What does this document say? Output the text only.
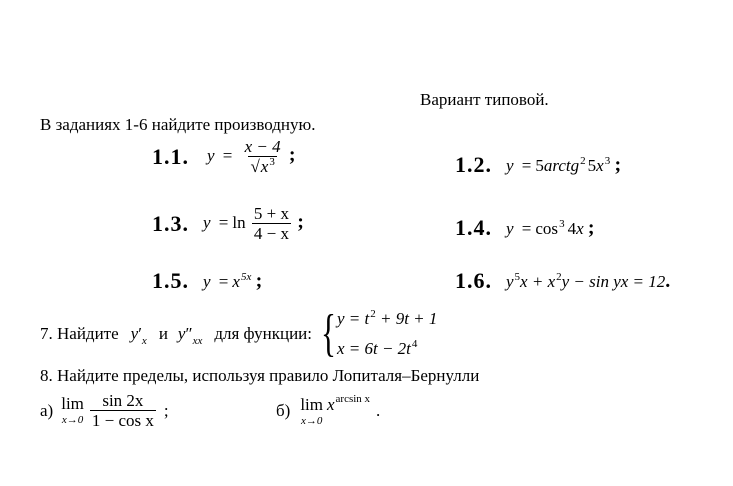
Вариант типовой.
В заданиях 1-6 найдите производную.
1.1. $y = \frac{x - 4}{√x^3}$ ;	1.2. y = 5arctg$^2$ $5x^3$ ;
1.3. $y = \ln \frac{5 + x}{4 - x}$ ;	1.4. $y = \cos^3 4x$ ;
1.5. $y = x^{5x}$ ;	1.6. $y^5x + x^2y - \sin$ yx = 12.
7. Найдите $y'_x$ и $y''_{xx}$ для функции: { $y = t^2 + 9t + 1$
$x = 6t - 2t^4$
8. Найдите пределы, используя правило Лопиталя–Бернулли
а) lim
$x\to 0 \frac{\sin 2x}{\text{1 − cos x}}$ ;	б) lim
x→0
$x^{arcsin x}$
.
